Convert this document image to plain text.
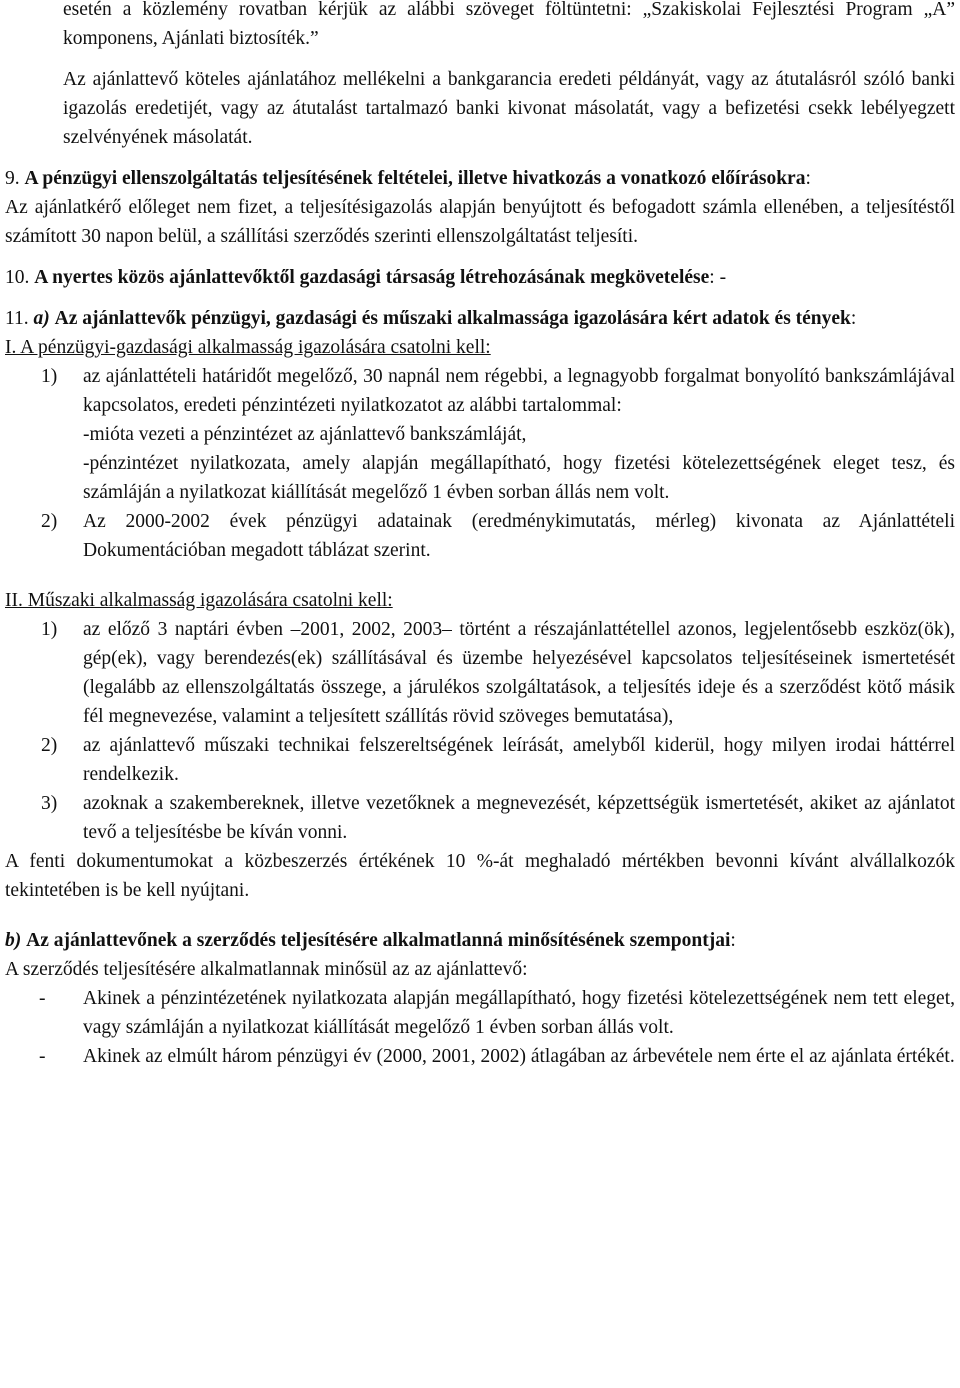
esetén a közlemény rovatban kérjük az alábbi szöveget föltüntetni: „Szakiskolai Fejlesztési Program „A” komponens, Ajánlati biztosíték.”

Az ajánlattevő köteles ajánlatához mellékelni a bankgarancia eredeti példányát, vagy az átutalásról szóló banki igazolás eredetijét, vagy az átutalást tartalmazó banki kivonat másolatát, vagy a befizetési csekk lebélyegzett szelvényének másolatát.

9. A pénzügyi ellenszolgáltatás teljesítésének feltételei, illetve hivatkozás a vonatkozó előírásokra:

Az ajánlatkérő előleget nem fizet, a teljesítésigazolás alapján benyújtott és befogadott számla ellenében, a teljesítéstől számított 30 napon belül, a szállítási szerződés szerinti ellenszolgáltatást teljesíti.

10. A nyertes közös ajánlattevőktől gazdasági társaság létrehozásának megkövetelése: -

11. a) Az ajánlattevők pénzügyi, gazdasági és műszaki alkalmassága igazolására kért adatok és tények:

I. A pénzügyi-gazdasági alkalmasság igazolására csatolni kell:

1)	az ajánlattételi határidőt megelőző, 30 napnál nem régebbi, a legnagyobb forgalmat bonyolító bankszámlájával kapcsolatos, eredeti pénzintézeti nyilatkozatot az alábbi tartalommal:

-mióta vezeti a pénzintézet az ajánlattevő bankszámláját,

-pénzintézet nyilatkozata, amely alapján megállapítható, hogy fizetési kötelezettségének eleget tesz, és számláján a nyilatkozat kiállítását megelőző 1 évben sorban állás nem volt.

2)	Az 2000-2002 évek pénzügyi adatainak (eredménykimutatás, mérleg) kivonata az Ajánlattételi Dokumentációban megadott táblázat szerint.

II. Műszaki alkalmasság igazolására csatolni kell:

1)	az előző 3 naptári évben –2001, 2002, 2003– történt a részajánlattétellel azonos, legjelentősebb eszköz(ök), gép(ek), vagy berendezés(ek) szállításával és üzembe helyezésével kapcsolatos teljesítéseinek ismertetését (legalább az ellenszolgáltatás összege, a járulékos szolgáltatások, a teljesítés ideje és a szerződést kötő másik fél megnevezése, valamint a teljesített szállítás rövid szöveges bemutatása),
2)	az ajánlattevő műszaki technikai felszereltségének leírását, amelyből kiderül, hogy milyen irodai háttérrel rendelkezik.
3)	azoknak a szakembereknek, illetve vezetőknek a megnevezését, képzettségük ismertetését, akiket az ajánlatot tevő a teljesítésbe be kíván vonni.

A fenti dokumentumokat a közbeszerzés értékének 10 %-át meghaladó mértékben bevonni kívánt alvállalkozók tekintetében is be kell nyújtani.

b) Az ajánlattevőnek a szerződés teljesítésére alkalmatlanná minősítésének szempontjai:

A szerződés teljesítésére alkalmatlannak minősül az az ajánlattevő:

-	Akinek a pénzintézetének nyilatkozata alapján megállapítható, hogy fizetési kötelezettségének nem tett eleget, vagy számláján a nyilatkozat kiállítását megelőző 1 évben sorban állás volt.
-	Akinek az elmúlt három pénzügyi év (2000, 2001, 2002) átlagában az árbevétele nem érte el az ajánlata értékét.
